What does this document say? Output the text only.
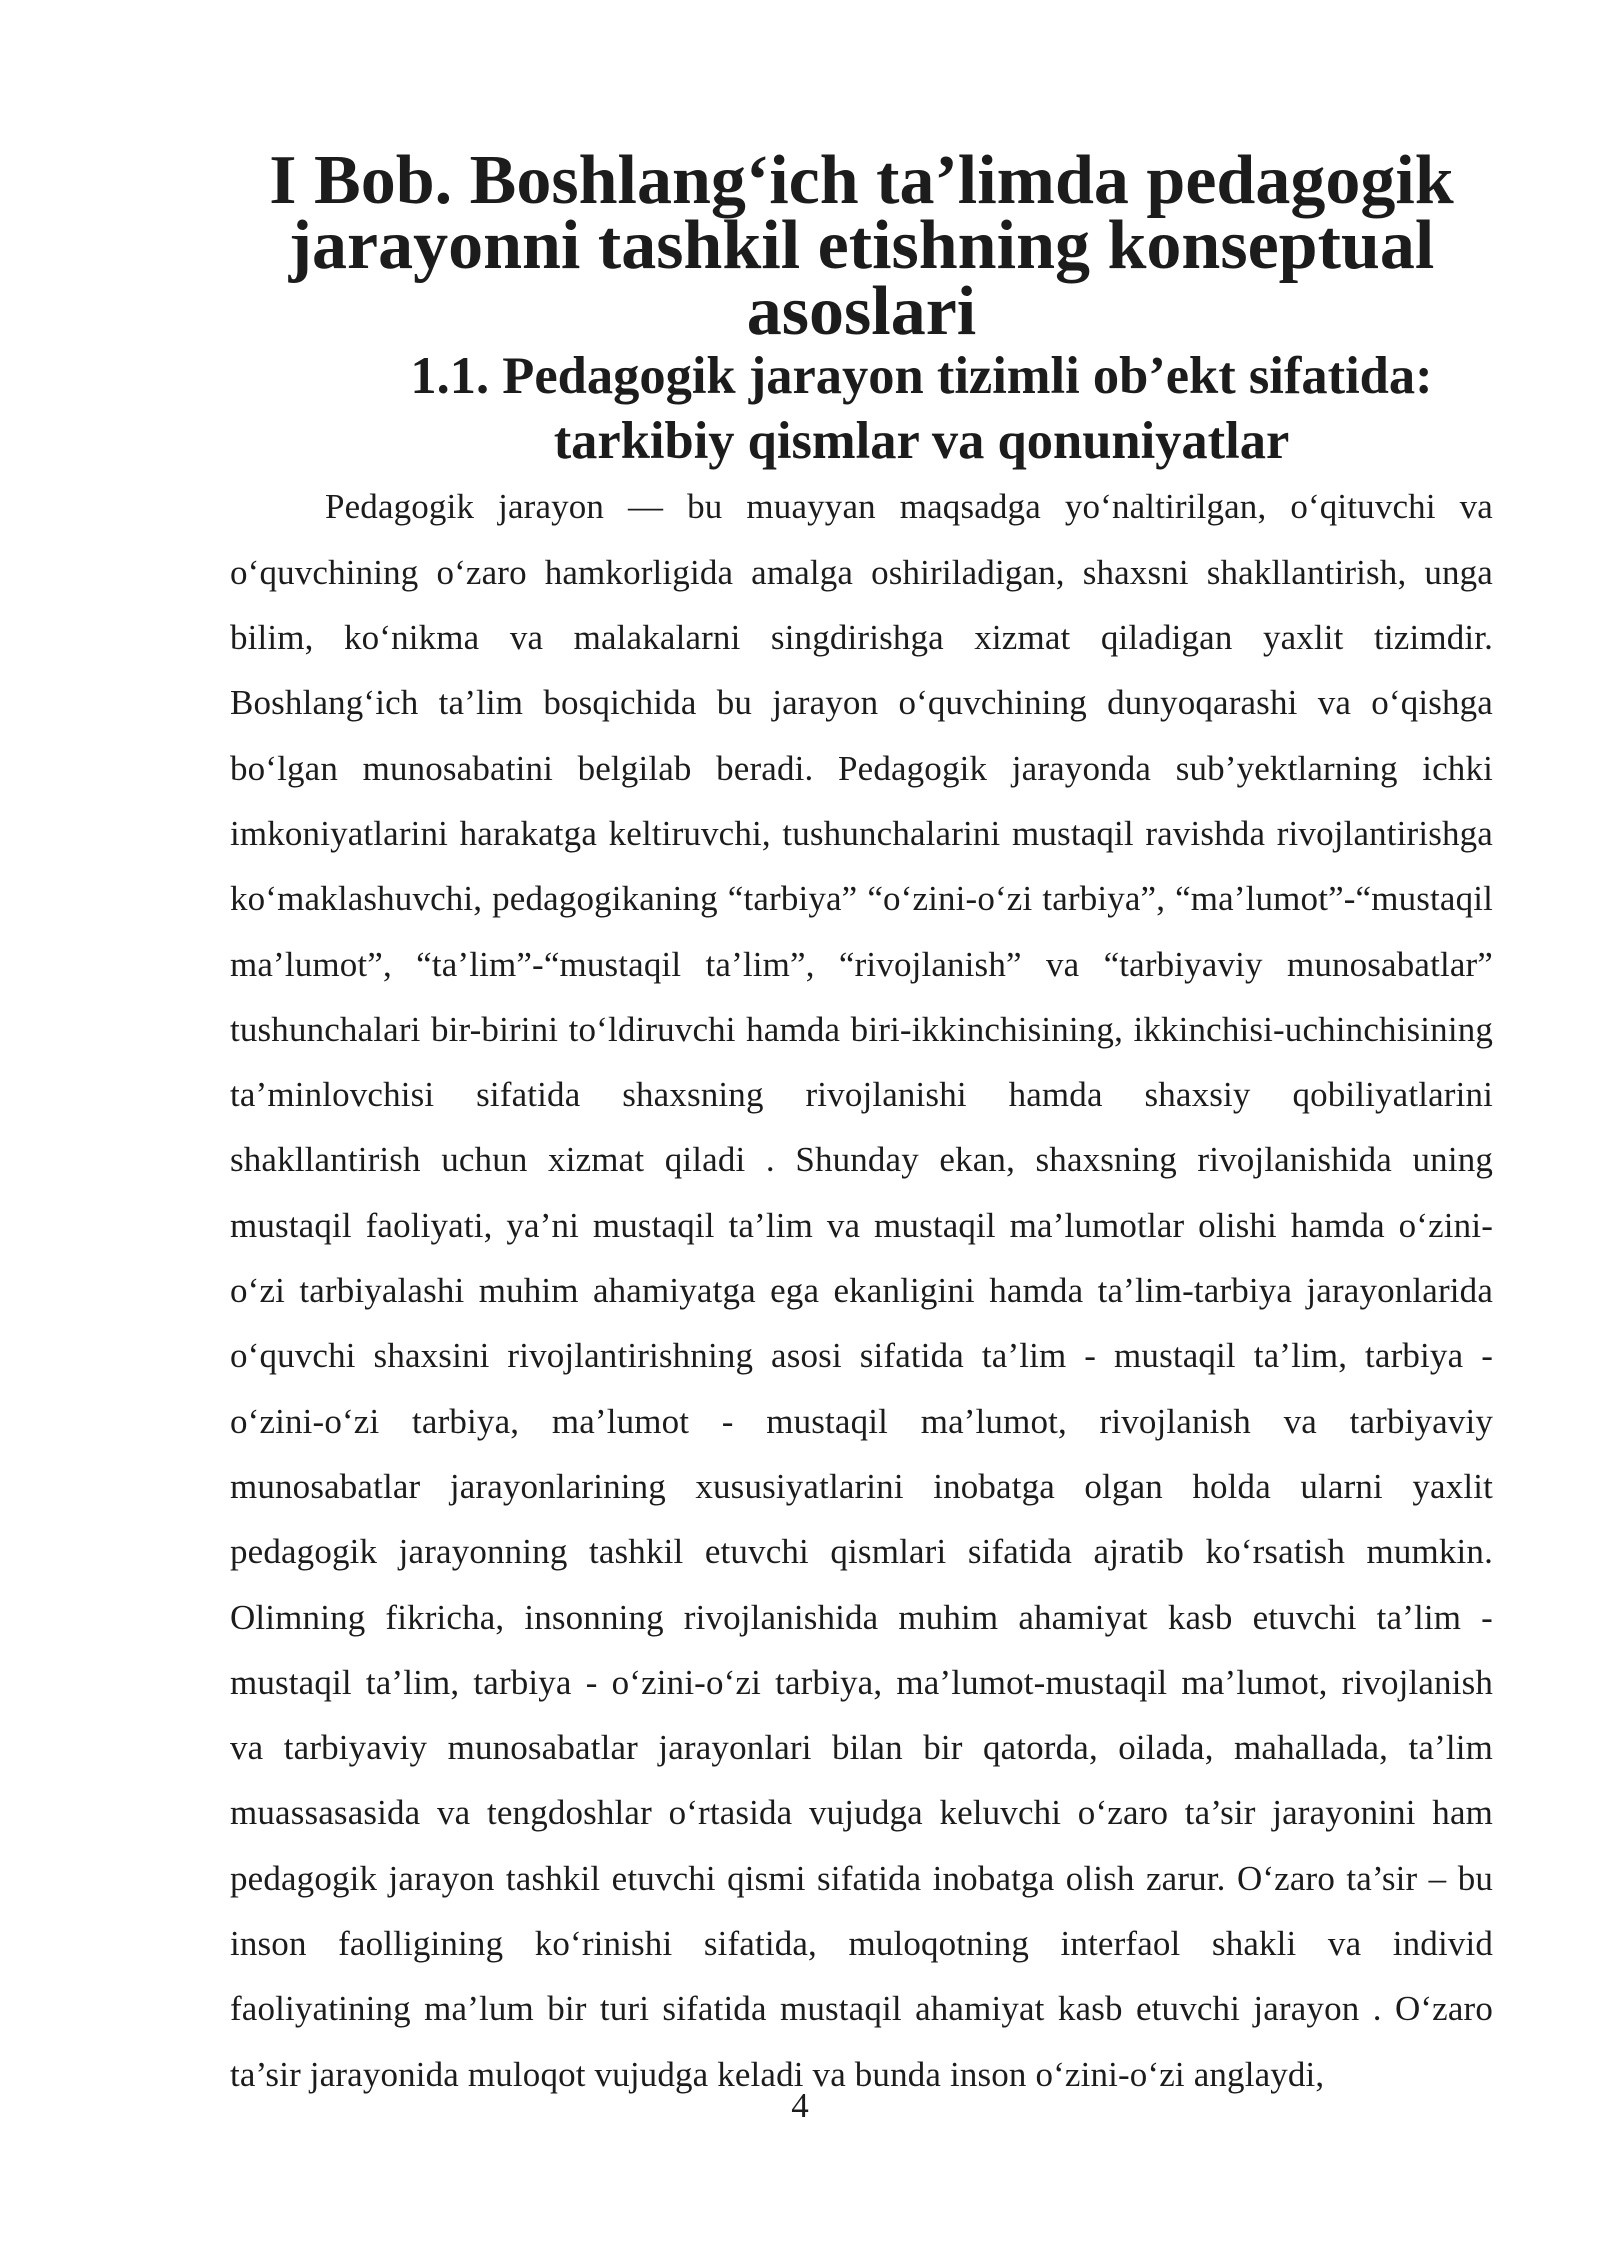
I Bob. Boshlang‘ich ta’limda pedagogik jarayonni tashkil etishning konseptual asoslari
1.1. Pedagogik jarayon tizimli ob’ekt sifatida: tarkibiy qismlar va qonuniyatlar

Pedagogik jarayon — bu muayyan maqsadga yo‘naltirilgan, o‘qituvchi va o‘quvchining o‘zaro hamkorligida amalga oshiriladigan, shaxsni shakllantirish, unga bilim, ko‘nikma va malakalarni singdirishga xizmat qiladigan yaxlit tizimdir. Boshlang‘ich ta’lim bosqichida bu jarayon o‘quvchining dunyoqarashi va o‘qishga bo‘lgan munosabatini belgilab beradi. Pedagogik jarayonda sub’yektlarning ichki imkoniyatlarini harakatga keltiruvchi, tushunchalarini mustaqil ravishda rivojlantirishga ko‘maklashuvchi, pedagogikaning “tarbiya” “o‘zini-o‘zi tarbiya”, “ma’lumot”-“mustaqil ma’lumot”, “ta’lim”-“mustaqil ta’lim”, “rivojlanish” va “tarbiyaviy munosabatlar” tushunchalari bir-birini to‘ldiruvchi hamda biri-ikkinchisining, ikkinchisi-uchinchisining ta’minlovchisi sifatida shaxsning rivojlanishi hamda shaxsiy qobiliyatlarini shakllantirish uchun xizmat qiladi . Shunday ekan, shaxsning rivojlanishida uning mustaqil faoliyati, ya’ni mustaqil ta’lim va mustaqil ma’lumotlar olishi hamda o‘zini-o‘zi tarbiyalashi muhim ahamiyatga ega ekanligini hamda ta’lim-tarbiya jarayonlarida o‘quvchi shaxsini rivojlantirishning asosi sifatida ta’lim - mustaqil ta’lim, tarbiya - o‘zini-o‘zi tarbiya, ma’lumot - mustaqil ma’lumot, rivojlanish va tarbiyaviy munosabatlar jarayonlarining xususiyatlarini inobatga olgan holda ularni yaxlit pedagogik jarayonning tashkil etuvchi qismlari sifatida ajratib ko‘rsatish mumkin. Olimning fikricha, insonning rivojlanishida muhim ahamiyat kasb etuvchi ta’lim - mustaqil ta’lim, tarbiya - o‘zini-o‘zi tarbiya, ma’lumot-mustaqil ma’lumot, rivojlanish va tarbiyaviy munosabatlar jarayonlari bilan bir qatorda, oilada, mahallada, ta’lim muassasasida va tengdoshlar o‘rtasida vujudga keluvchi o‘zaro ta’sir jarayonini ham pedagogik jarayon tashkil etuvchi qismi sifatida inobatga olish zarur. O‘zaro ta’sir – bu inson faolligining ko‘rinishi sifatida, muloqotning interfaol shakli va individ faoliyatining ma’lum bir turi sifatida mustaqil ahamiyat kasb etuvchi jarayon . O‘zaro ta’sir jarayonida muloqot vujudga keladi va bunda inson o‘zini-o‘zi anglaydi,

4
